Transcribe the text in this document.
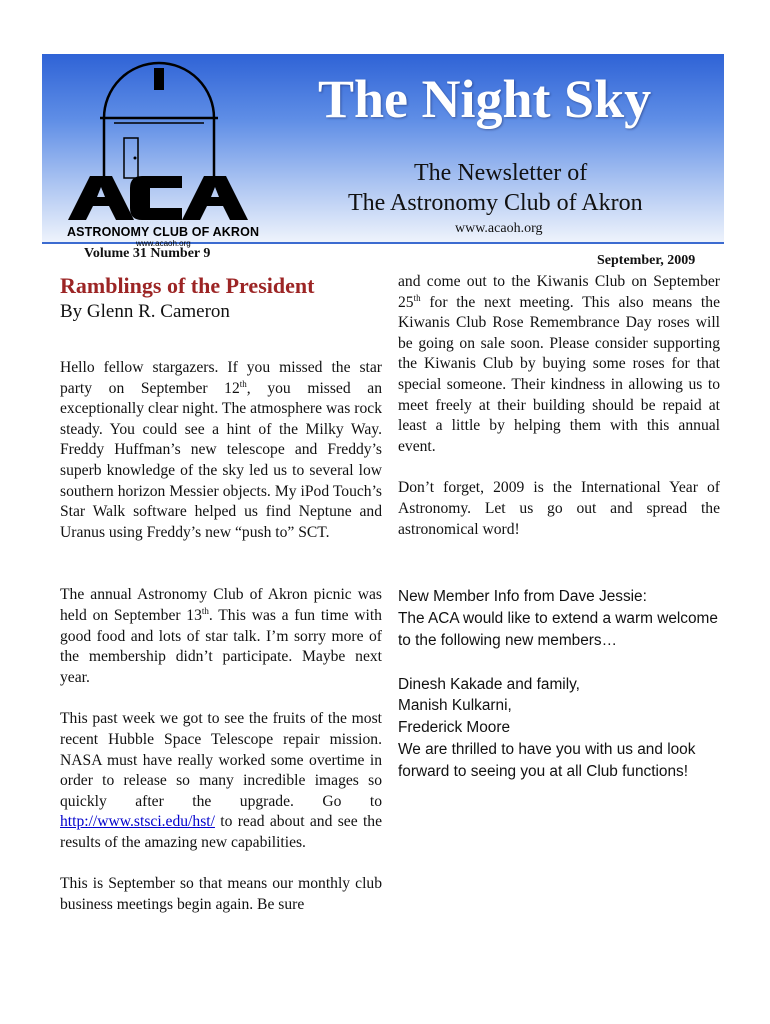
ASTRONOMY CLUB OF AKRON
www.acaoh.org
The Night Sky
The Newsletter of
The Astronomy Club of Akron
www.acaoh.org
Volume 31 Number 9	September, 2009
Ramblings of the President

By Glenn R. Cameron

Hello fellow stargazers. If you missed the star party on September 12th, you missed an exceptionally clear night. The atmosphere was rock steady. You could see a hint of the Milky Way. Freddy Huffman’s new telescope and Freddy’s superb knowledge of the sky led us to several low southern horizon Messier objects. My iPod Touch’s Star Walk software helped us find Neptune and Uranus using Freddy’s new “push to” SCT.

The annual Astronomy Club of Akron picnic was held on September 13th. This was a fun time with good food and lots of star talk. I’m sorry more of the membership didn’t participate. Maybe next year.

This past week we got to see the fruits of the most recent Hubble Space Telescope repair mission. NASA must have really worked some overtime in order to release so many incredible images so quickly after the upgrade. Go to http://www.stsci.edu/hst/ to read about and see the results of the amazing new capabilities.

This is September so that means our monthly club business meetings begin again. Be sure

and come out to the Kiwanis Club on September 25th for the next meeting. This also means the Kiwanis Club Rose Remembrance Day roses will be going on sale soon. Please consider supporting the Kiwanis Club by buying some roses for that special someone. Their kindness in allowing us to meet freely at their building should be repaid at least a little by helping them with this annual event.

Don’t forget, 2009 is the International Year of Astronomy. Let us go out and spread the astronomical word!

New Member Info from Dave Jessie:

The ACA would like to extend a warm welcome to the following new members…

Dinesh Kakade and family,

Manish Kulkarni,

Frederick Moore

We are thrilled to have you with us and look forward to seeing you at all Club functions!
